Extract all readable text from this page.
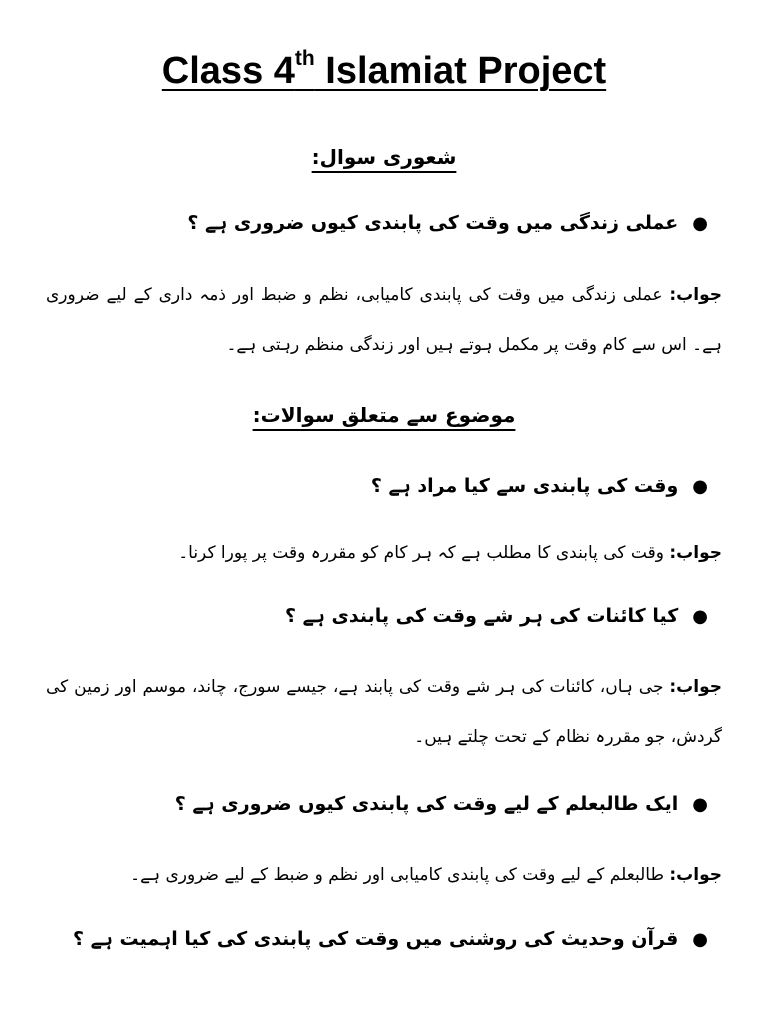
Class 4th Islamiat Project
شعوری سوال:
●
عملی زندگی میں وقت کی پابندی کیوں ضروری ہے ؟
جواب: عملی زندگی میں وقت کی پابندی کامیابی، نظم و ضبط اور ذمہ داری کے لیے ضروری ہے۔ اس سے کام وقت پر مکمل ہوتے ہیں اور زندگی منظم رہتی ہے۔
موضوع سے متعلق سوالات:
●
وقت کی پابندی سے کیا مراد ہے ؟
جواب: وقت کی پابندی کا مطلب ہے کہ ہر کام کو مقررہ وقت پر پورا کرنا۔
●
کیا کائنات کی ہر شے وقت کی پابندی ہے ؟
جواب: جی ہاں، کائنات کی ہر شے وقت کی پابند ہے، جیسے سورج، چاند، موسم اور زمین کی گردش، جو مقررہ نظام کے تحت چلتے ہیں۔
●
ایک طالبعلم کے لیے وقت کی پابندی کیوں ضروری ہے ؟
جواب: طالبعلم کے لیے وقت کی پابندی کامیابی اور نظم و ضبط کے لیے ضروری ہے۔
●
قرآن وحدیث کی روشنی میں وقت کی پابندی کی کیا اہمیت ہے ؟
